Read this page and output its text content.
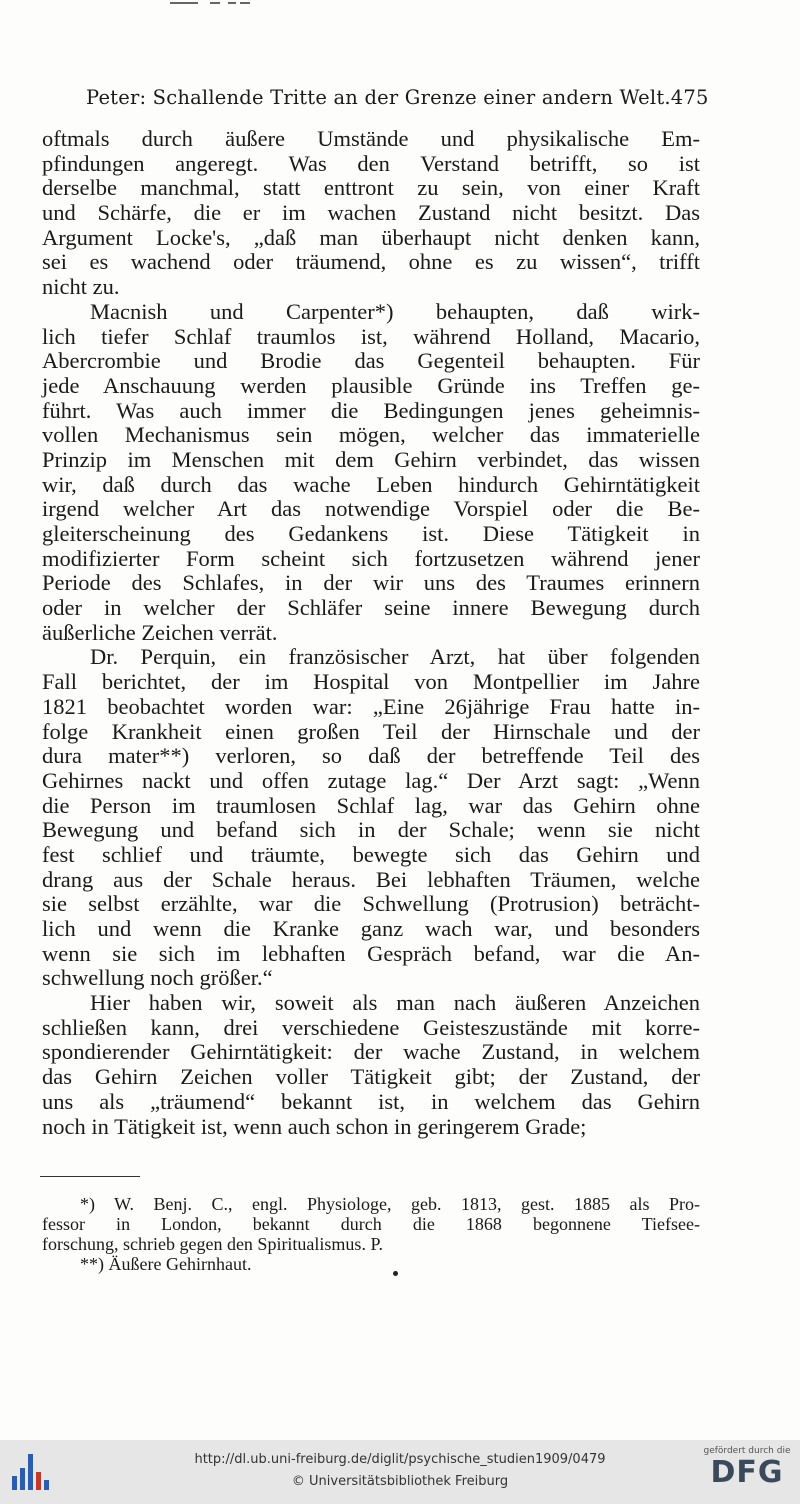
Peter: Schallende Tritte an der Grenze einer andern Welt. 475
oftmals durch äußere Umstände und physikalische Em-
pfindungen angeregt. Was den Verstand betrifft, so ist
derselbe manchmal, statt enttront zu sein, von einer Kraft
und Schärfe, die er im wachen Zustand nicht besitzt. Das
Argument Locke's, „daß man überhaupt nicht denken kann,
sei es wachend oder träumend, ohne es zu wissen“, trifft
nicht zu.
Macnish und Carpenter*) behaupten, daß wirk-
lich tiefer Schlaf traumlos ist, während Holland, Macario,
Abercrombie und Brodie das Gegenteil behaupten. Für
jede Anschauung werden plausible Gründe ins Treffen ge-
führt. Was auch immer die Bedingungen jenes geheimnis-
vollen Mechanismus sein mögen, welcher das immaterielle
Prinzip im Menschen mit dem Gehirn verbindet, das wissen
wir, daß durch das wache Leben hindurch Gehirntätigkeit
irgend welcher Art das notwendige Vorspiel oder die Be-
gleiterscheinung des Gedankens ist. Diese Tätigkeit in
modifizierter Form scheint sich fortzusetzen während jener
Periode des Schlafes, in der wir uns des Traumes erinnern
oder in welcher der Schläfer seine innere Bewegung durch
äußerliche Zeichen verrät.
Dr. Perquin, ein französischer Arzt, hat über folgenden
Fall berichtet, der im Hospital von Montpellier im Jahre
1821 beobachtet worden war: „Eine 26jährige Frau hatte in-
folge Krankheit einen großen Teil der Hirnschale und der
dura mater**) verloren, so daß der betreffende Teil des
Gehirnes nackt und offen zutage lag.“ Der Arzt sagt: „Wenn
die Person im traumlosen Schlaf lag, war das Gehirn ohne
Bewegung und befand sich in der Schale; wenn sie nicht
fest schlief und träumte, bewegte sich das Gehirn und
drang aus der Schale heraus. Bei lebhaften Träumen, welche
sie selbst erzählte, war die Schwellung (Protrusion) beträcht-
lich und wenn die Kranke ganz wach war, und besonders
wenn sie sich im lebhaften Gespräch befand, war die An-
schwellung noch größer.“
Hier haben wir, soweit als man nach äußeren Anzeichen
schließen kann, drei verschiedene Geisteszustände mit korre-
spondierender Gehirntätigkeit: der wache Zustand, in welchem
das Gehirn Zeichen voller Tätigkeit gibt; der Zustand, der
uns als „träumend“ bekannt ist, in welchem das Gehirn
noch in Tätigkeit ist, wenn auch schon in geringerem Grade;
*) W. Benj. C., engl. Physiologe, geb. 1813, gest. 1885 als Pro-
fessor in London, bekannt durch die 1868 begonnene Tiefsee-
forschung, schrieb gegen den Spiritualismus. P.
**) Äußere Gehirnhaut.
http://dl.ub.uni-freiburg.de/diglit/psychische_studien1909/0479
© Universitätsbibliothek Freiburg
gefördert durch die
DFG
